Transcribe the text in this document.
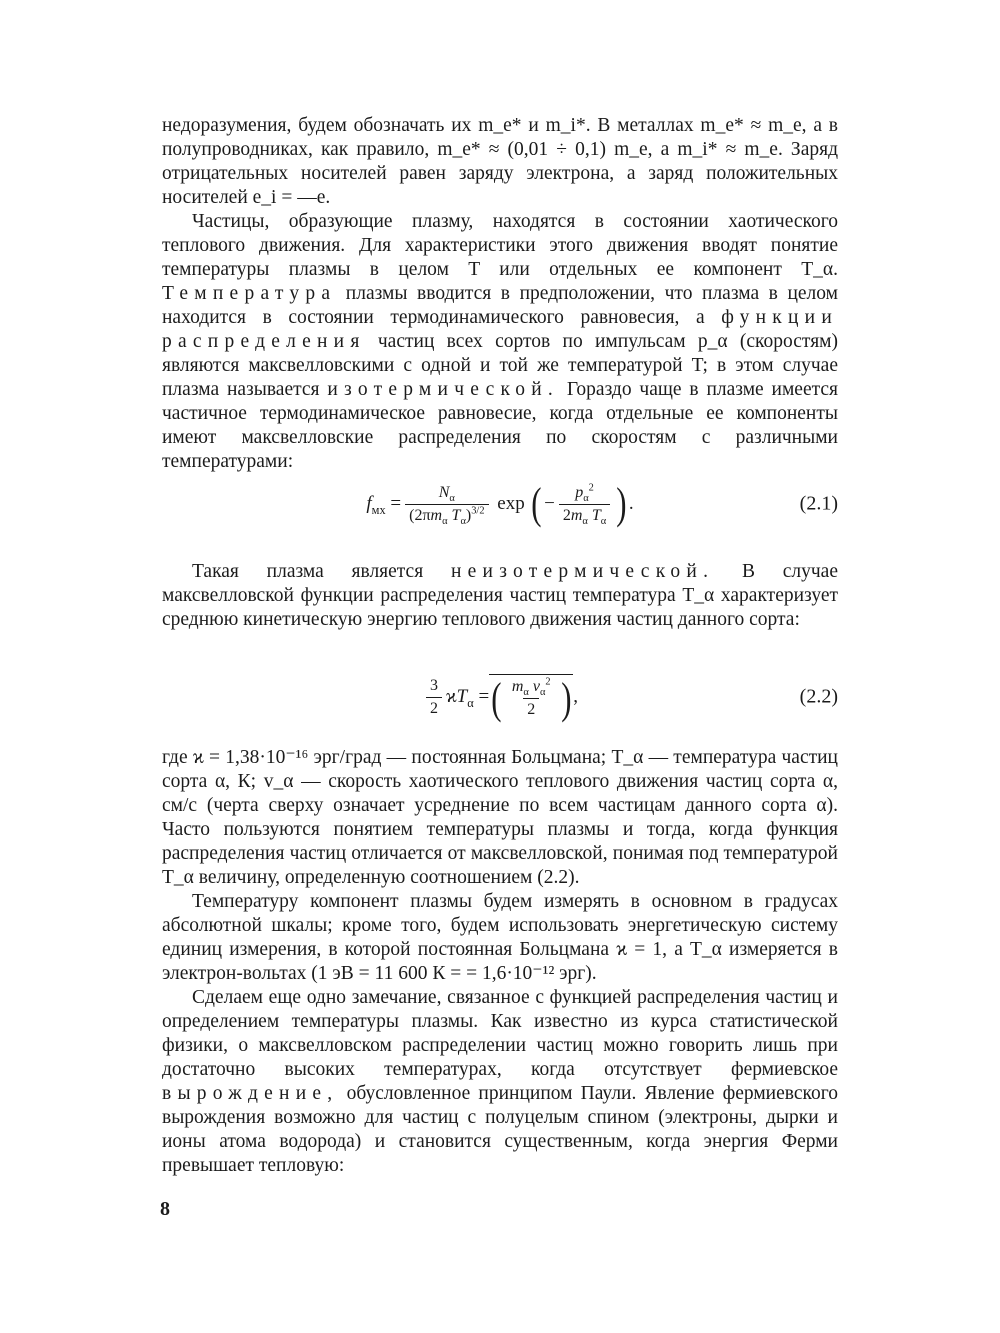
недоразумения, будем обозначать их m_e* и m_i*. В металлах m_e* ≈ m_e, а в полупроводниках, как правило, m_e* ≈ (0,01 ÷ 0,1) m_e, а m_i* ≈ m_e. Заряд отрицательных носителей равен заряду электрона, а заряд положительных носителей e_i = —e.

Частицы, образующие плазму, находятся в состоянии хаотического теплового движения. Для характеристики этого движения вводят понятие температуры плазмы в целом T или отдельных ее компонент T_α. Температура плазмы вводится в предположении, что плазма в целом находится в состоянии термодинамического равновесия, а функции распределения частиц всех сортов по импульсам p_α (скоростям) являются максвелловскими с одной и той же температурой T; в этом случае плазма называется изотермической. Гораздо чаще в плазме имеется частичное термодинамическое равновесие, когда отдельные ее компоненты имеют максвелловские распределения по скоростям с различными температурами:

$f_{мх} = \frac{N_\alpha}{(2\pi m_\alpha T_\alpha)^{3/2}}$ exp ( − $\frac{p_\alpha^2}{2m_\alpha T_\alpha}$ ) .	(2.1)

Такая плазма является неизотермической. В случае максвелловской функции распределения частиц температура T_α характеризует среднюю кинетическую энергию теплового движения частиц данного сорта:

$\frac{3}{2} ϰT_\alpha$ = ( $\frac{m_\alpha v_\alpha^2}{2}$ ) ,	(2.2)

где ϰ = 1,38·10⁻¹⁶ эрг/град — постоянная Больцмана; T_α — температура частиц сорта α, К; v_α — скорость хаотического теплового движения частиц сорта α, см/с (черта сверху означает усреднение по всем частицам данного сорта α). Часто пользуются понятием температуры плазмы и тогда, когда функция распределения частиц отличается от максвелловской, понимая под температурой T_α величину, определенную соотношением (2.2).

Температуру компонент плазмы будем измерять в основном в градусах абсолютной шкалы; кроме того, будем использовать энергетическую систему единиц измерения, в которой постоянная Больцмана ϰ = 1, а T_α измеряется в электрон-вольтах (1 эВ = 11 600 К = = 1,6·10⁻¹² эрг).

Сделаем еще одно замечание, связанное с функцией распределения частиц и определением температуры плазмы. Как известно из курса статистической физики, о максвелловском распределении частиц можно говорить лишь при достаточно высоких температурах, когда отсутствует фермиевское вырождение, обусловленное принципом Паули. Явление фермиевского вырождения возможно для частиц с полуцелым спином (электроны, дырки и ионы атома водорода) и становится существенным, когда энергия Ферми превышает тепловую:

8
